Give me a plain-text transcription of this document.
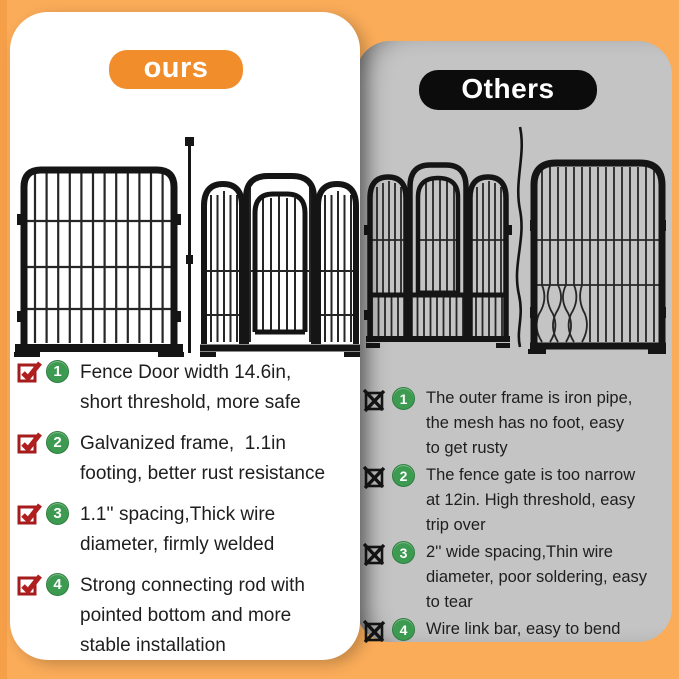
ours
1 Fence Door width 14.6in,
short threshold, more safe
2 Galvanized frame,  1.1in
footing, better rust resistance
3 1.1'' spacing,Thick wire
diameter, firmly welded
4 Strong connecting rod with
pointed bottom and more
stable installation
Others
1	The outer frame is iron pipe,
the mesh has no foot, easy
to get rusty
2	The fence gate is too narrow
at 12in. High threshold, easy
trip over
3	2'' wide spacing,Thin wire
diameter, poor soldering, easy
to tear
4	Wire link bar, easy to bend
